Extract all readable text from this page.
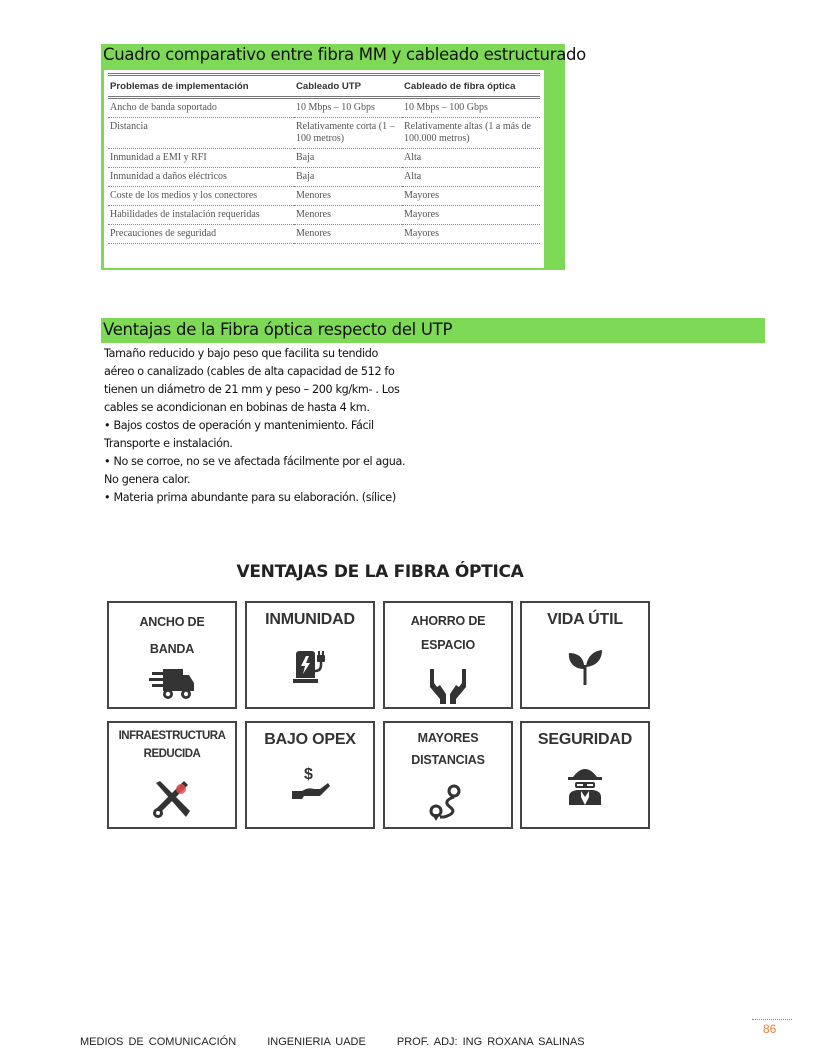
Cuadro comparativo entre fibra MM y cableado estructurado
Problemas de implementación	Cableado UTP	Cableado de fibra óptica
Ancho de banda soportado	10 Mbps – 10 Gbps	10 Mbps – 100 Gbps
Distancia	Relativamente corta (1 – 100 metros)	Relativamente altas (1 a más de 100.000 metros)
Inmunidad a EMI y RFI	Baja	Alta
Inmunidad a daños eléctricos	Baja	Alta
Coste de los medios y los conectores	Menores	Mayores
Habilidades de instalación requeridas	Menores	Mayores
Precauciones de seguridad	Menores	Mayores
Ventajas de la Fibra óptica respecto del UTP

Tamaño reducido y bajo peso que facilita su tendido

aéreo o canalizado (cables de alta capacidad de 512 fo

tienen un diámetro de 21 mm y peso – 200 kg/km- . Los

cables se acondicionan en bobinas de hasta 4 km.

• Bajos costos de operación y mantenimiento. Fácil

Transporte e instalación.

• No se corroe, no se ve afectada fácilmente por el agua.

No genera calor.

• Materia prima abundante para su elaboración. (sílice)

VENTAJAS DE LA FIBRA ÓPTICA
ANCHO DE
BANDA
INMUNIDAD	AHORRO DE
ESPACIO
VIDA ÚTIL
INFRAESTRUCTURA
REDUCIDA
BAJO OPEX
$
MAYORES
DISTANCIAS
SEGURIDAD
86
MEDIOS DE COMUNICACIÓN	INGENIERIA UADE	PROF. ADJ: ING ROXANA SALINAS
